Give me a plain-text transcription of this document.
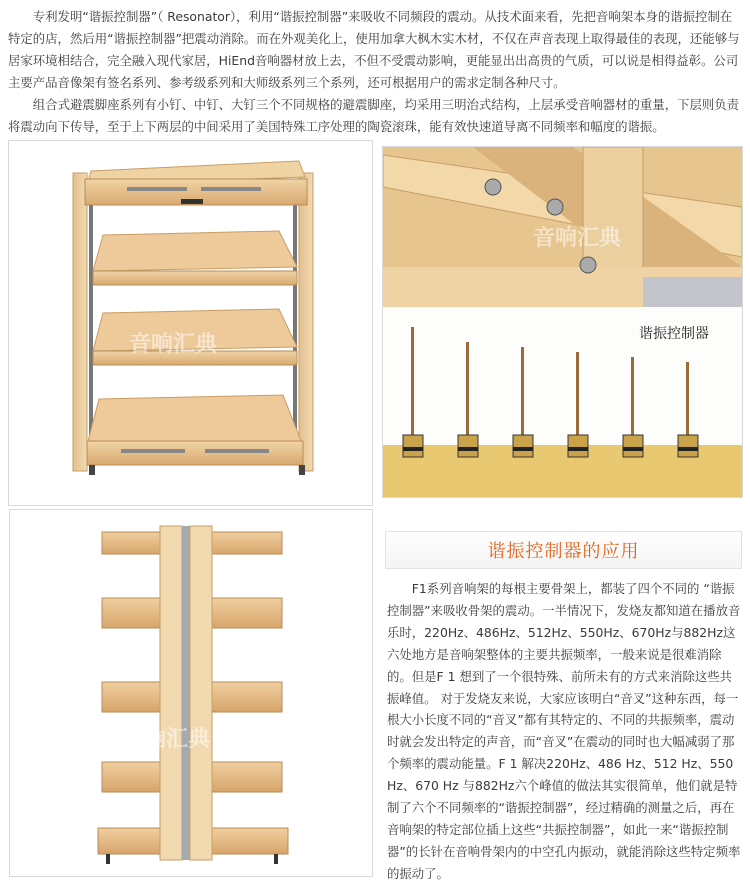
专利发明“谐振控制器”（ Resonator），利用“谐振控制器”来吸收不同频段的震动。从技术面来看，先把音响架本身的谐振控制在特定的店，然后用“谐振控制器”把震动消除。而在外观美化上，使用加拿大枫木实木材，不仅在声音表现上取得最佳的表现，还能够与居家环境相结合，完全融入现代家居，HiEnd音响器材放上去，不但不受震动影响，更能显出出高贵的气质，可以说是相得益彰。公司主要产品音像架有签名系列、参考级系列和大师级系列三个系列，还可根据用户的需求定制各种尺寸。

组合式避震脚座系列有小钉、中钉、大钉三个不同规格的避震脚座，均采用三明治式结构，上层承受音响器材的重量，下层则负责将震动向下传导，至于上下两层的中间采用了美国特殊工序处理的陶瓷滚珠，能有效快速道导离不同频率和幅度的谐振。

音响汇典
音响汇典
谐振控制器
音响汇典
谐振控制器的应用

F1系列音响架的每根主要骨架上，都装了四个不同的 “谐振控制器”来吸收骨架的震动。一半情况下，发烧友都知道在播放音乐时，220Hz、486Hz、512Hz、550Hz、670Hz与882Hz这六处地方是音响架整体的主要共振频率，一般来说是很难消除的。但是F 1 想到了一个很特殊、前所未有的方式来消除这些共振峰值。 对于发烧友来说，大家应该明白“音叉”这种东西，每一根大小长度不同的“音叉”都有其特定的、不同的共振频率，震动时就会发出特定的声音，而“音叉”在震动的同时也大幅减弱了那个频率的震动能量。F 1 解决220Hz、486 Hz、512 Hz、550 Hz、670 Hz 与882Hz六个峰值的做法其实很简单，他们就是特制了六个不同频率的“谐振控制器”，经过精确的测量之后，再在音响架的特定部位插上这些“共振控制器”，如此一来“谐振控制器”的长针在音响骨架内的中空孔内振动，就能消除这些特定频率的振动了。
